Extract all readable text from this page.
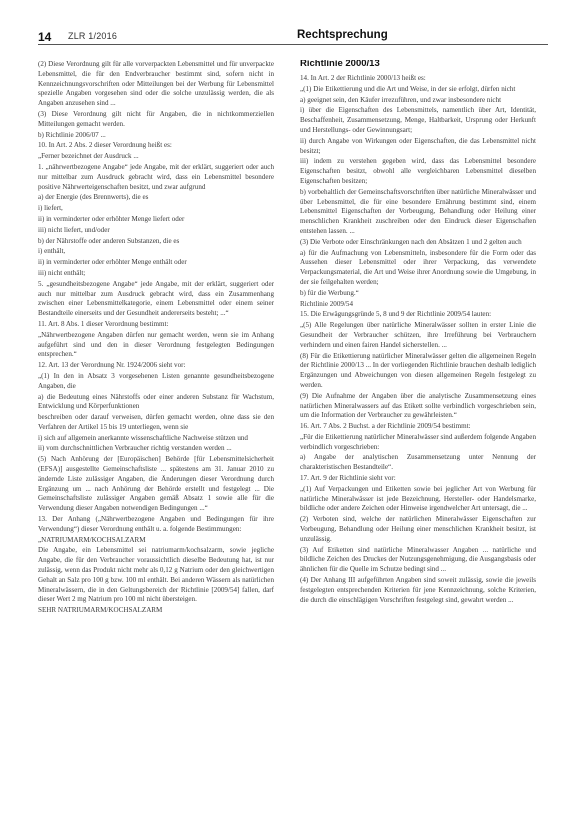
14 ZLR 1/2016	Rechtsprechung

(2) Diese Verordnung gilt für alle vorverpackten Lebensmittel und für unverpackte Lebensmittel, die für den Endverbraucher bestimmt sind, sofern nicht in Kennzeichnungsvorschriften oder Mitteilungen bei der Werbung für Lebensmittel spezielle Angaben vorgesehen sind oder die solche unzulässig werden, die als Angaben anzusehen sind ...

(3) Diese Verordnung gilt nicht für Angaben, die in nichtkommerziellen Mitteilungen gemacht werden.

b) Richtlinie 2006/07 ...

10. In Art. 2 Abs. 2 dieser Verordnung heißt es:

„Ferner bezeichnet der Ausdruck ...

1. „nährwertbezogene Angabe“ jede Angabe, mit der erklärt, suggeriert oder auch nur mittelbar zum Ausdruck gebracht wird, dass ein Lebensmittel besondere positive Nährwerteigenschaften besitzt, und zwar aufgrund

a) der Energie (des Brennwerts), die es

i) liefert,

ii) in verminderter oder erhöhter Menge liefert oder

iii) nicht liefert, und/oder

b) der Nährstoffe oder anderen Substanzen, die es

i) enthält,

ii) in verminderter oder erhöhter Menge enthält oder

iii) nicht enthält;

5. „gesundheitsbezogene Angabe“ jede Angabe, mit der erklärt, suggeriert oder auch nur mittelbar zum Ausdruck gebracht wird, dass ein Zusammenhang zwischen einer Lebensmittelkategorie, einem Lebensmittel oder einem seiner Bestandteile einerseits und der Gesundheit andererseits besteht; ...“

11. Art. 8 Abs. 1 dieser Verordnung bestimmt:

„Nährwertbezogene Angaben dürfen nur gemacht werden, wenn sie im Anhang aufgeführt sind und den in dieser Verordnung festgelegten Bedingungen entsprechen.“

12. Art. 13 der Verordnung Nr. 1924/2006 sieht vor:

„(1) In den in Absatz 3 vorgesehenen Listen genannte gesundheitsbezogene Angaben, die

a) die Bedeutung eines Nährstoffs oder einer anderen Substanz für Wachstum, Entwicklung und Körperfunktionen

beschreiben oder darauf verweisen, dürfen gemacht werden, ohne dass sie den Verfahren der Artikel 15 bis 19 unterliegen, wenn sie

i) sich auf allgemein anerkannte wissenschaftliche Nachweise stützen und

ii) vom durchschnittlichen Verbraucher richtig verstanden werden ...

(5) Nach Anhörung der [Europäischen] Behörde [für Lebensmittelsicherheit (EFSA)] ausgestellte Gemeinschaftsliste ... spätestens am 31. Januar 2010 zu ändernde Liste zulässiger Angaben, die Änderungen dieser Verordnung durch Ergänzung um ... nach Anhörung der Behörde erstellt und festgelegt ... Die Gemeinschaftsliste zulässiger Angaben gemäß Absatz 1 sowie alle für die Verwendung dieser Angaben notwendigen Bedingungen ...“

13. Der Anhang („Nährwertbezogene Angaben und Bedingungen für ihre Verwendung“) dieser Verordnung enthält u. a. folgende Bestimmungen:

„NATRIUMARM/KOCHSALZARM

Die Angabe, ein Lebensmittel sei natriumarm/kochsalzarm, sowie jegliche Angabe, die für den Verbraucher voraussichtlich dieselbe Bedeutung hat, ist nur zulässig, wenn das Produkt nicht mehr als 0,12 g Natrium oder den gleichwertigen Gehalt an Salz pro 100 g bzw. 100 ml enthält. Bei anderen Wässern als natürlichen Mineralwässern, die in den Geltungsbereich der Richtlinie [2009/54] fallen, darf dieser Wert 2 mg Natrium pro 100 ml nicht übersteigen.

SEHR NATRIUMARM/KOCHSALZARM

Richtlinie 2000/13

14. In Art. 2 der Richtlinie 2000/13 heißt es:

„(1) Die Etikettierung und die Art und Weise, in der sie erfolgt, dürfen nicht

a) geeignet sein, den Käufer irrezuführen, und zwar insbesondere nicht

i) über die Eigenschaften des Lebensmittels, namentlich über Art, Identität, Beschaffenheit, Zusammensetzung, Menge, Haltbarkeit, Ursprung oder Herkunft und Herstellungs- oder Gewinnungsart;

ii) durch Angabe von Wirkungen oder Eigenschaften, die das Lebensmittel nicht besitzt;

iii) indem zu verstehen gegeben wird, dass das Lebensmittel besondere Eigenschaften besitzt, obwohl alle vergleichbaren Lebensmittel dieselben Eigenschaften besitzen;

b) vorbehaltlich der Gemeinschaftsvorschriften über natürliche Mineralwässer und über Lebensmittel, die für eine besondere Ernährung bestimmt sind, einem Lebensmittel Eigenschaften der Vorbeugung, Behandlung oder Heilung einer menschlichen Krankheit zuschreiben oder den Eindruck dieser Eigenschaften entstehen lassen. ...

(3) Die Verbote oder Einschränkungen nach den Absätzen 1 und 2 gelten auch

a) für die Aufmachung von Lebensmitteln, insbesondere für die Form oder das Aussehen dieser Lebensmittel oder ihrer Verpackung, das verwendete Verpackungsmaterial, die Art und Weise ihrer Anordnung sowie die Umgebung, in der sie feilgehalten werden;

b) für die Werbung.“

Richtlinie 2009/54

15. Die Erwägungsgründe 5, 8 und 9 der Richtlinie 2009/54 lauten:

„(5) Alle Regelungen über natürliche Mineralwässer sollten in erster Linie die Gesundheit der Verbraucher schützen, ihre Irreführung bei Verbrauchern verhindern und einen fairen Handel sicherstellen. ...

(8) Für die Etikettierung natürlicher Mineralwässer gelten die allgemeinen Regeln der Richtlinie 2000/13 ... In der vorliegenden Richtlinie brauchen deshalb lediglich Ergänzungen und Abweichungen von diesen allgemeinen Regeln festgelegt zu werden.

(9) Die Aufnahme der Angaben über die analytische Zusammensetzung eines natürlichen Mineralwassers auf das Etikett sollte verbindlich vorgeschrieben sein, um die Information der Verbraucher zu gewährleisten.“

16. Art. 7 Abs. 2 Buchst. a der Richtlinie 2009/54 bestimmt:

„Für die Etikettierung natürlicher Mineralwässer sind außerdem folgende Angaben verbindlich vorgeschrieben:

a) Angabe der analytischen Zusammensetzung unter Nennung der charakteristischen Bestandteile“.

17. Art. 9 der Richtlinie sieht vor:

„(1) Auf Verpackungen und Etiketten sowie bei jeglicher Art von Werbung für natürliche Mineralwässer ist jede Bezeichnung, Hersteller- oder Handelsmarke, bildliche oder andere Zeichen oder Hinweise irgendwelcher Art untersagt, die ...

(2) Verboten sind, welche der natürlichen Mineralwässer Eigenschaften zur Vorbeugung, Behandlung oder Heilung einer menschlichen Krankheit besitzt, ist unzulässig.

(3) Auf Etiketten sind natürliche Mineralwasser Angaben ... natürliche und bildliche Zeichen des Druckes der Nutzungsgenehmigung, die Ausgangsbasis oder ähnlichen für die Quelle im Schutze bedingt sind ...

(4) Der Anhang III aufgeführten Angaben sind soweit zulässig, sowie die jeweils festgelegten entsprechenden Kriterien für jene Kennzeichnung, solche Kriterien, die durch die einschlägigen Vorschriften festgelegt sind, gewahrt werden ...
